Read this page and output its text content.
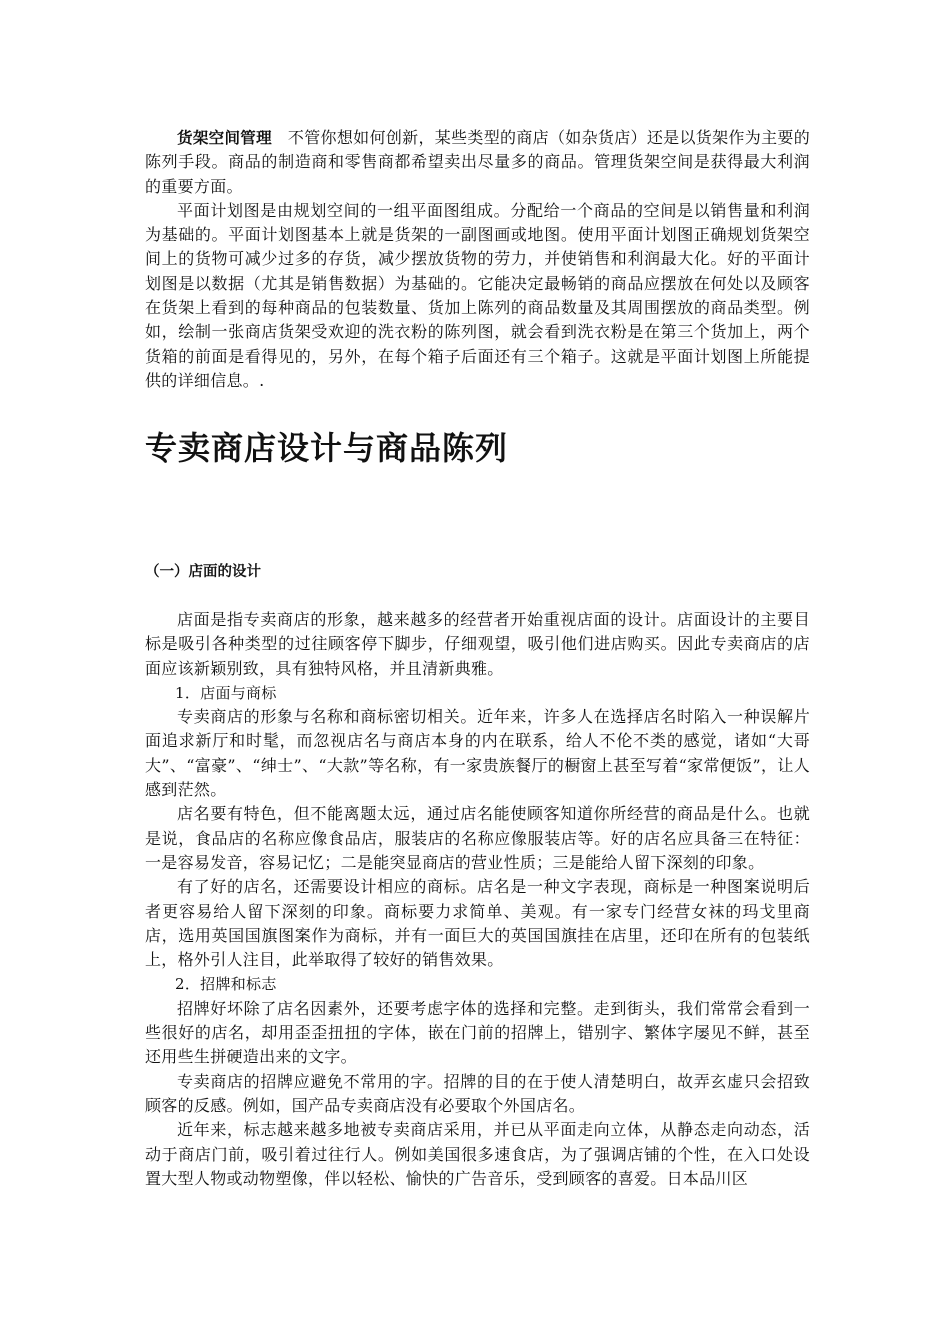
货架空间管理 不管你想如何创新，某些类型的商店（如杂货店）还是以货架作为主要的陈列手段。商品的制造商和零售商都希望卖出尽量多的商品。管理货架空间是获得最大利润的重要方面。

平面计划图是由规划空间的一组平面图组成。分配给一个商品的空间是以销售量和利润为基础的。平面计划图基本上就是货架的一副图画或地图。使用平面计划图正确规划货架空间上的货物可减少过多的存货，减少摆放货物的劳力，并使销售和利润最大化。好的平面计划图是以数据（尤其是销售数据）为基础的。它能决定最畅销的商品应摆放在何处以及顾客在货架上看到的每种商品的包装数量、货加上陈列的商品数量及其周围摆放的商品类型。例如，绘制一张商店货架受欢迎的洗衣粉的陈列图，就会看到洗衣粉是在第三个货加上，两个货箱的前面是看得见的，另外，在每个箱子后面还有三个箱子。这就是平面计划图上所能提供的详细信息。.

专卖商店设计与商品陈列
（一）店面的设计

店面是指专卖商店的形象，越来越多的经营者开始重视店面的设计。店面设计的主要目标是吸引各种类型的过往顾客停下脚步，仔细观望，吸引他们进店购买。因此专卖商店的店面应该新颖别致，具有独特风格，并且清新典雅。

1．店面与商标

专卖商店的形象与名称和商标密切相关。近年来，许多人在选择店名时陷入一种误解片面追求新厅和时髦，而忽视店名与商店本身的内在联系，给人不伦不类的感觉，诸如“大哥大”、“富豪”、“绅士”、“大款”等名称，有一家贵族餐厅的橱窗上甚至写着“家常便饭”，让人感到茫然。

店名要有特色，但不能离题太远，通过店名能使顾客知道你所经营的商品是什么。也就是说，食品店的名称应像食品店，服装店的名称应像服装店等。好的店名应具备三在特征：一是容易发音，容易记忆；二是能突显商店的营业性质；三是能给人留下深刻的印象。

有了好的店名，还需要设计相应的商标。店名是一种文字表现，商标是一种图案说明后者更容易给人留下深刻的印象。商标要力求简单、美观。有一家专门经营女袜的玛戈里商店，选用英国国旗图案作为商标，并有一面巨大的英国国旗挂在店里，还印在所有的包装纸上，格外引人注目，此举取得了较好的销售效果。

2．招牌和标志

招牌好坏除了店名因素外，还要考虑字体的选择和完整。走到街头，我们常常会看到一些很好的店名，却用歪歪扭扭的字体，嵌在门前的招牌上，错别字、繁体字屡见不鲜，甚至还用些生拼硬造出来的文字。

专卖商店的招牌应避免不常用的字。招牌的目的在于使人清楚明白，故弄玄虚只会招致顾客的反感。例如，国产品专卖商店没有必要取个外国店名。

近年来，标志越来越多地被专卖商店采用，并已从平面走向立体，从静态走向动态，活动于商店门前，吸引着过往行人。例如美国很多速食店，为了强调店铺的个性，在入口处设置大型人物或动物塑像，伴以轻松、愉快的广告音乐，受到顾客的喜爱。日本品川区
